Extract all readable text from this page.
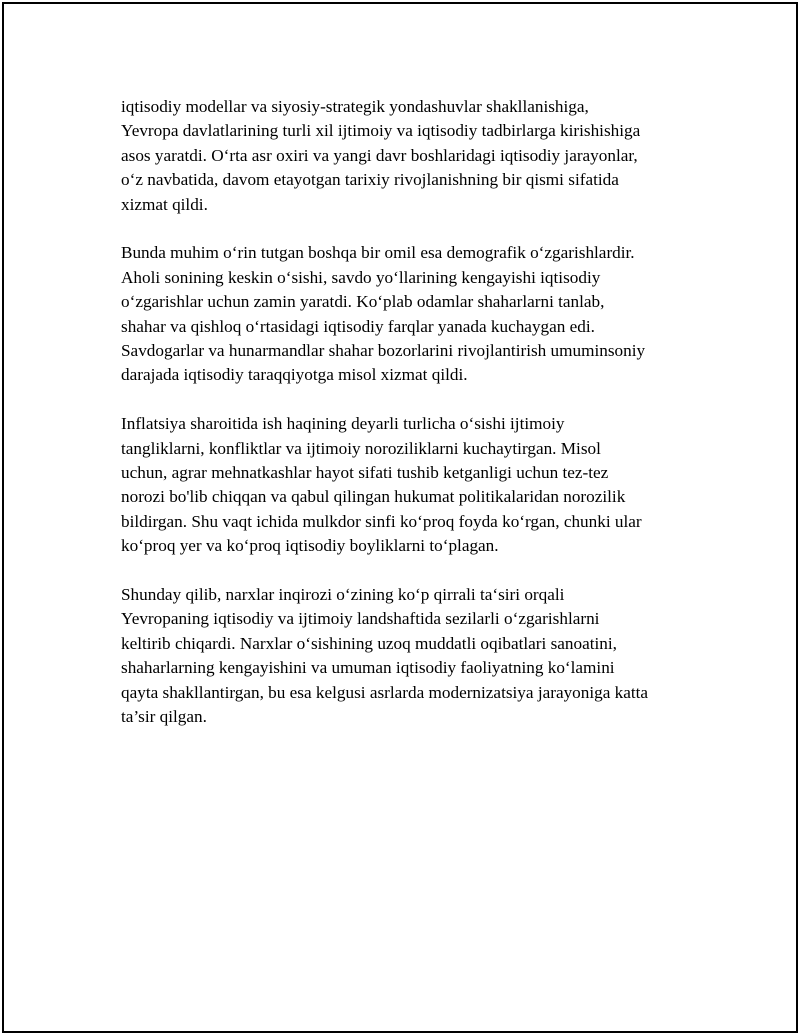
iqtisodiy modellar va siyosiy-strategik yondashuvlar shakllanishiga,
Yevropa davlatlarining turli xil ijtimoiy va iqtisodiy tadbirlarga kirishishiga
asos yaratdi. O‘rta asr oxiri va yangi davr boshlaridagi iqtisodiy jarayonlar,
o‘z navbatida, davom etayotgan tarixiy rivojlanishning bir qismi sifatida
xizmat qildi.

Bunda muhim o‘rin tutgan boshqa bir omil esa demografik o‘zgarishlardir.
Aholi sonining keskin o‘sishi, savdo yo‘llarining kengayishi iqtisodiy
o‘zgarishlar uchun zamin yaratdi. Ko‘plab odamlar shaharlarni tanlab,
shahar va qishloq o‘rtasidagi iqtisodiy farqlar yanada kuchaygan edi.
Savdogarlar va hunarmandlar shahar bozorlarini rivojlantirish umuminsoniy
darajada iqtisodiy taraqqiyotga misol xizmat qildi.

Inflatsiya sharoitida ish haqining deyarli turlicha o‘sishi ijtimoiy
tangliklarni, konfliktlar va ijtimoiy noroziliklarni kuchaytirgan. Misol
uchun, agrar mehnatkashlar hayot sifati tushib ketganligi uchun tez-tez
norozi bo'lib chiqqan va qabul qilingan hukumat politikalaridan norozilik
bildirgan. Shu vaqt ichida mulkdor sinfi ko‘proq foyda ko‘rgan, chunki ular
ko‘proq yer va ko‘proq iqtisodiy boyliklarni to‘plagan.

Shunday qilib, narxlar inqirozi o‘zining ko‘p qirrali ta‘siri orqali
Yevropaning iqtisodiy va ijtimoiy landshaftida sezilarli o‘zgarishlarni
keltirib chiqardi. Narxlar o‘sishining uzoq muddatli oqibatlari sanoatini,
shaharlarning kengayishini va umuman iqtisodiy faoliyatning ko‘lamini
qayta shakllantirgan, bu esa kelgusi asrlarda modernizatsiya jarayoniga katta
ta’sir qilgan.
